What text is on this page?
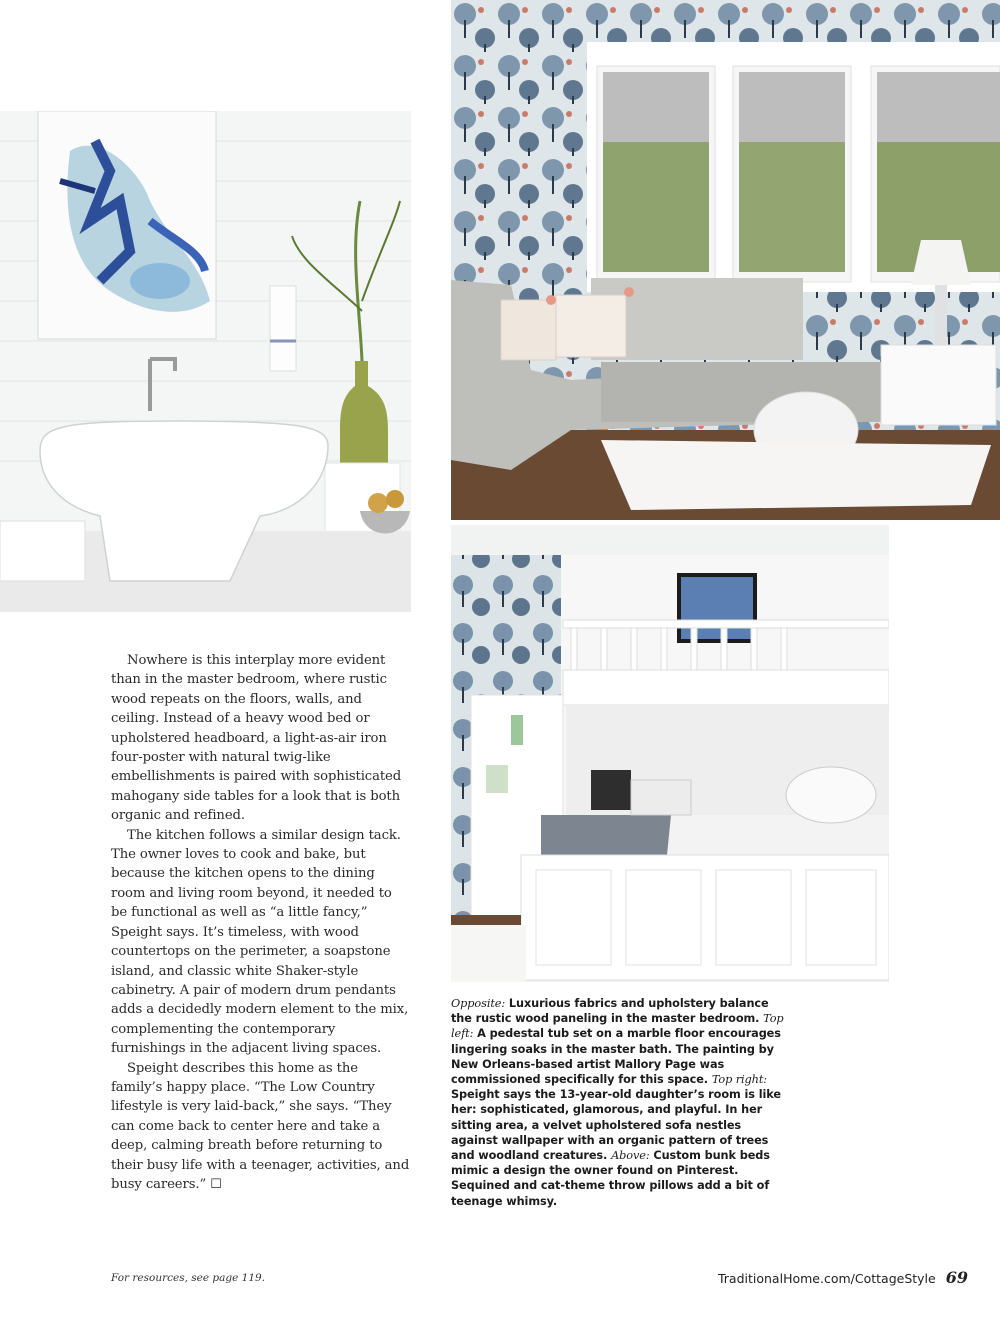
Nowhere is this interplay more evident than in the master bedroom, where rustic wood repeats on the floors, walls, and ceiling. Instead of a heavy wood bed or upholstered headboard, a light-as-air iron four-poster with natural twig-like embellishments is paired with sophisticated mahogany side tables for a look that is both organic and refined.

The kitchen follows a similar design tack. The owner loves to cook and bake, but because the kitchen opens to the dining room and living room beyond, it needed to be functional as well as “a little fancy,” Speight says. It’s timeless, with wood countertops on the perimeter, a soapstone island, and classic white Shaker-style cabinetry. A pair of modern drum pendants adds a decidedly modern element to the mix, complementing the contemporary furnishings in the adjacent living spaces.

Speight describes this home as the family’s happy place. “The Low Country lifestyle is very laid-back,” she says. “They can come back to center here and take a deep, calming breath before returning to their busy life with a teenager, activities, and busy careers.” ☐

Opposite: Luxurious fabrics and upholstery balance the rustic wood paneling in the master bedroom. Top left: A pedestal tub set on a marble floor encourages lingering soaks in the master bath. The painting by New Orleans-based artist Mallory Page was commissioned specifically for this space. Top right: Speight says the 13-year-old daughter’s room is like her: sophisticated, glamorous, and playful. In her sitting area, a velvet upholstered sofa nestles against wallpaper with an organic pattern of trees and woodland creatures. Above: Custom bunk beds mimic a design the owner found on Pinterest. Sequined and cat-theme throw pillows add a bit of teenage whimsy.
For resources, see page 119.	TraditionalHome.com/CottageStyle 69
